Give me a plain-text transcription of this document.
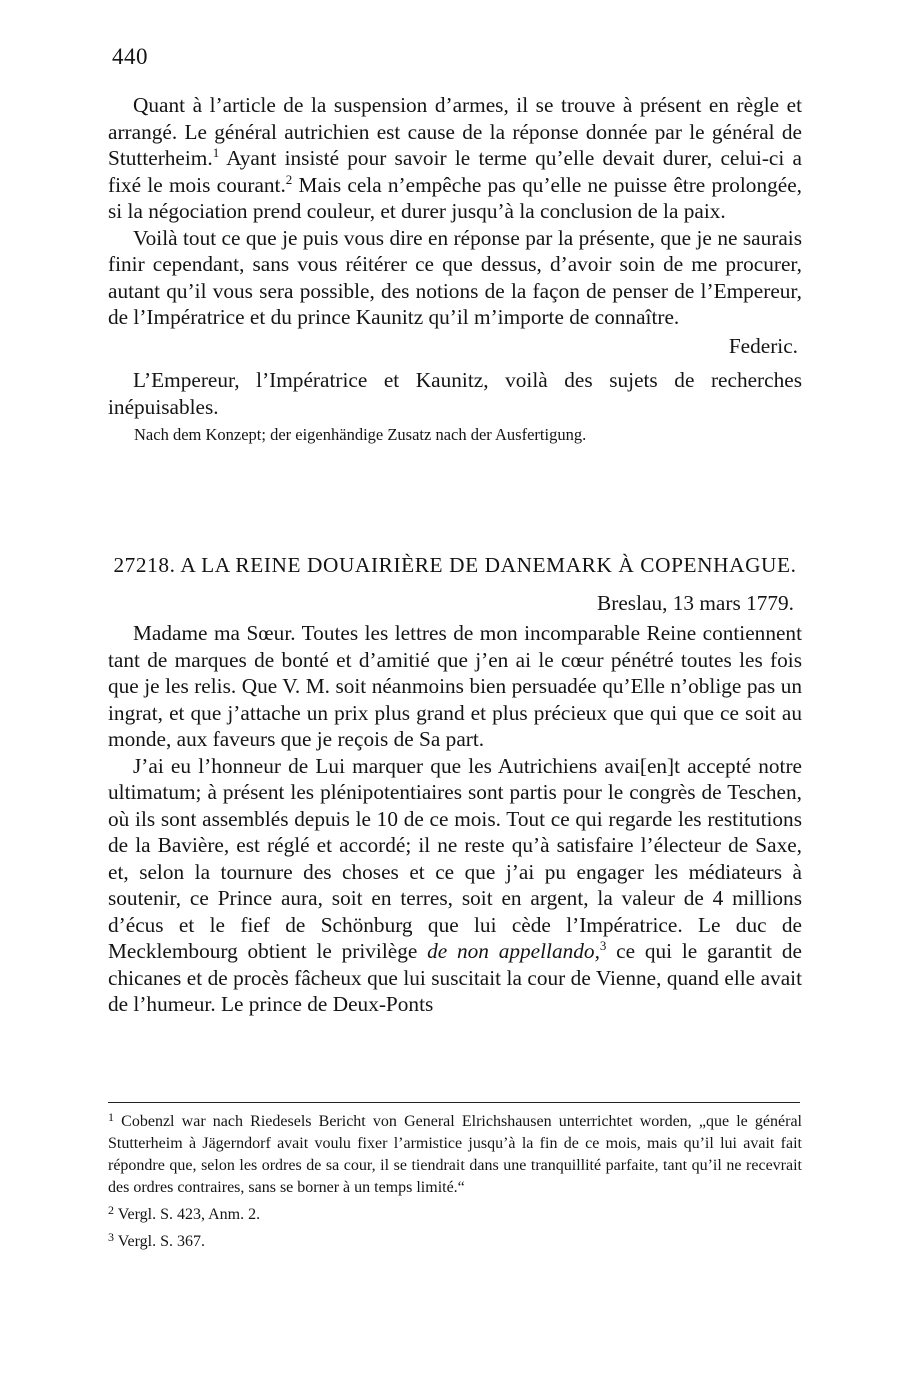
440

Quant à l’article de la suspension d’armes, il se trouve à présent en règle et arrangé. Le général autrichien est cause de la réponse donnée par le général de Stutterheim.$^1$ Ayant insisté pour savoir le terme qu’elle devait durer, celui-ci a fixé le mois courant.$^2$ Mais cela n’empêche pas qu’elle ne puisse être prolongée, si la négociation prend couleur, et durer jusqu’à la conclusion de la paix.

Voilà tout ce que je puis vous dire en réponse par la présente, que je ne saurais finir cependant, sans vous réitérer ce que dessus, d’avoir soin de me procurer, autant qu’il vous sera possible, des notions de la façon de penser de l’Empereur, de l’Impératrice et du prince Kaunitz qu’il m’importe de connaître.

Federic.

L’Empereur, l’Impératrice et Kaunitz, voilà des sujets de recherches inépuisables.

Nach dem Konzept; der eigenhändige Zusatz nach der Ausfertigung.

27218. A LA REINE DOUAIRIÈRE DE DANEMARK À COPENHAGUE.

Breslau, 13 mars 1779.

Madame ma Sœur. Toutes les lettres de mon incomparable Reine contiennent tant de marques de bonté et d’amitié que j’en ai le cœur pénétré toutes les fois que je les relis. Que V. M. soit néanmoins bien persuadée qu’Elle n’oblige pas un ingrat, et que j’attache un prix plus grand et plus précieux que qui que ce soit au monde, aux faveurs que je reçois de Sa part.

J’ai eu l’honneur de Lui marquer que les Autrichiens avai[en]t accepté notre ultimatum; à présent les plénipotentiaires sont partis pour le congrès de Teschen, où ils sont assemblés depuis le 10 de ce mois. Tout ce qui regarde les restitutions de la Bavière, est réglé et accordé; il ne reste qu’à satisfaire l’électeur de Saxe, et, selon la tournure des choses et ce que j’ai pu engager les médiateurs à soutenir, ce Prince aura, soit en terres, soit en argent, la valeur de 4 millions d’écus et le fief de Schönburg que lui cède l’Impératrice. Le duc de Mecklembourg obtient le privilège de non appellando,$^3$ ce qui le garantit de chicanes et de procès fâcheux que lui suscitait la cour de Vienne, quand elle avait de l’humeur. Le prince de Deux-Ponts

$^1$ Cobenzl war nach Riedesels Bericht von General Elrichshausen unterrichtet worden, „que le général Stutterheim à Jägerndorf avait voulu fixer l’armistice jusqu’à la fin de ce mois, mais qu’il lui avait fait répondre que, selon les ordres de sa cour, il se tiendrait dans une tranquillité parfaite, tant qu’il ne recevrait des ordres contraires, sans se borner à un temps limité.“

$^2$ Vergl. S. 423, Anm. 2.

$^3$ Vergl. S. 367.
